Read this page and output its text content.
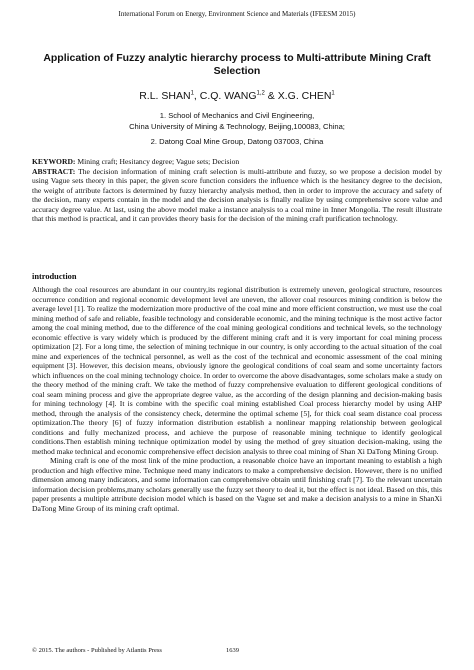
International Forum on Energy, Environment Science and Materials (IFEESM 2015)
Application of Fuzzy analytic hierarchy process to Multi-attribute Mining Craft Selection
R.L. SHAN$^1$, C.Q. WANG$^{1,2}$ & X.G. CHEN$^1$
1. School of Mechanics and Civil Engineering,
China University of Mining & Technology, Beijing,100083, China;
2. Datong Coal Mine Group, Datong 037003, China

KEYWORD: Mining craft; Hesitancy degree; Vague sets; Decision

ABSTRACT: The decision information of mining craft selection is multi-attribute and fuzzy, so we propose a decision model by using Vague sets theory in this paper, the given score function considers the influence which is the hesitancy degree to the decision, the weight of attribute factors is determined by fuzzy hierarchy analysis method, then in order to improve the accuracy and safety of the decision, many experts contain in the model and the decision analysis is finally realize by using comprehensive score value and accuracy degree value. At last, using the above model make a instance analysis to a coal mine in Inner Mongolia. The result illustrate that this method is practical, and it can provides theory basis for the decision of the mining craft purification technology.

introduction

Although the coal resources are abundant in our country,its regional distribution is extremely uneven, geological structure, resources occurrence condition and regional economic development level are uneven, the allover coal resources mining condition is below the average level [1]. To realize the modernization more productive of the coal mine and more efficient construction, we must use the coal mining method of safe and reliable, feasible technology and considerable economic, and the mining technique is the most active factor among the coal mining method, due to the difference of the coal mining geological conditions and technical levels, so the technology economic effective is vary widely which is produced by the different mining craft and it is very important for coal mining process optimization [2]. For a long time, the selection of mining technique in our country, is only according to the actual situation of the coal mine and experiences of the technical personnel, as well as the cost of the technical and economic assessment of the coal mining equipment [3]. However, this decision means, obviously ignore the geological conditions of coal seam and some uncertainty factors which influences on the coal mining technology choice. In order to overcome the above disadvantages, some scholars make a study on the theory method of the mining craft. We take the method of fuzzy comprehensive evaluation to different geological conditions of coal seam mining process and give the appropriate degree value, as the according of the design planning and decision-making basis for mining technology [4]. It is combine with the specific coal mining established Coal process hierarchy model by using AHP method, through the analysis of the consistency check, determine the optimal scheme [5], for thick coal seam distance coal process optimization.The theory [6] of fuzzy information distribution establish a nonlinear mapping relationship between geological conditions and fully mechanized process, and achieve the purpose of reasonable mining technique to identify geological conditions.Then establish mining technique optimization model by using the method of grey situation decision-making, using the method make technical and economic comprehensive effect decision analysis to three coal mining of Shan Xi DaTong Mining Group.

Mining craft is one of the most link of the mine production, a reasonable choice have an important meaning to establish a high production and high effective mine. Technique need many indicators to make a comprehensive decision. However, there is no unified dimension among many indicators, and some information can comprehensive obtain until finishing craft [7]. To the relevant uncertain information decision problems,many scholars generally use the fuzzy set theory to deal it, but the effect is not ideal. Based on this, this paper presents a multiple attribute decision model which is based on the Vague set and make a decision analysis to a mine in ShanXi DaTong Mine Group of its mining craft optimal.

© 2015. The authors - Published by Atlantis Press	1639
